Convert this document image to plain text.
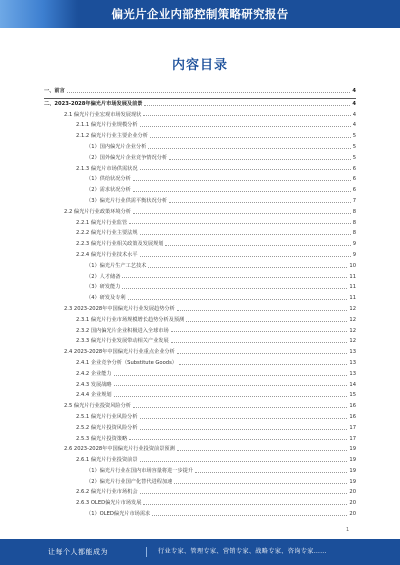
偏光片企业内部控制策略研究报告
内容目录
一、前言	4
二、2023-2028年偏光片市场发展及前景	4
2.1 偏光片行业宏观市场发展现状	4
2.1.1 偏光片行业规模分析	4
2.1.2 偏光片行业主要企业分析	5
（1）国内偏光片企业分析	5
（2）国外偏光片企业竞争情况分析	5
2.1.3 偏光片市场供需状况	6
（1）供给状况分析	6
（2）需求状况分析	6
（3）偏光片行业供需平衡状况分析	7
2.2 偏光片行业政策环境分析	8
2.2.1 偏光片行业监管	8
2.2.2 偏光片行业主要法规	8
2.2.3 偏光片行业相关政策及发展规划	9
2.2.4 偏光片行业技术水平	9
（1）偏光片生产工艺技术	10
（2）人才储备	11
（3）研发能力	11
（4）研发及专利	11
2.3 2023-2028年中国偏光片行业发展趋势分析	12
2.3.1 偏光片行业市场规模增长趋势分析及预测	12
2.3.2 国内偏光片企业积极进入全球市场	12
2.3.3 偏光片行业发展带动相关产业发展	12
2.4 2023-2028年中国偏光片行业重点企业分析	13
2.4.1 企业竞争分析（Substitute Goods）	13
2.4.2 企业能力	13
2.4.3 发展战略	14
2.4.4 企业规划	15
2.5 偏光片行业投资风险分析	16
2.5.1 偏光片行业风险分析	16
2.5.2 偏光片投资风险分析	17
2.5.3 偏光片投资策略	17
2.6 2023-2028年中国偏光片行业投资前景预测	19
2.6.1 偏光片行业投资前景	19
（1）偏光片行业在国内市场容量将进一步提升	19
（2）偏光片行业国产化替代进程加速	19
2.6.2 偏光片行业市场机会	20
2.6.3 OLED偏光片市场发展	20
（1）OLED偏光片市场需求	20
1
让每个人都能成为	行业专家、管理专家、营销专家、战略专家、咨询专家……
